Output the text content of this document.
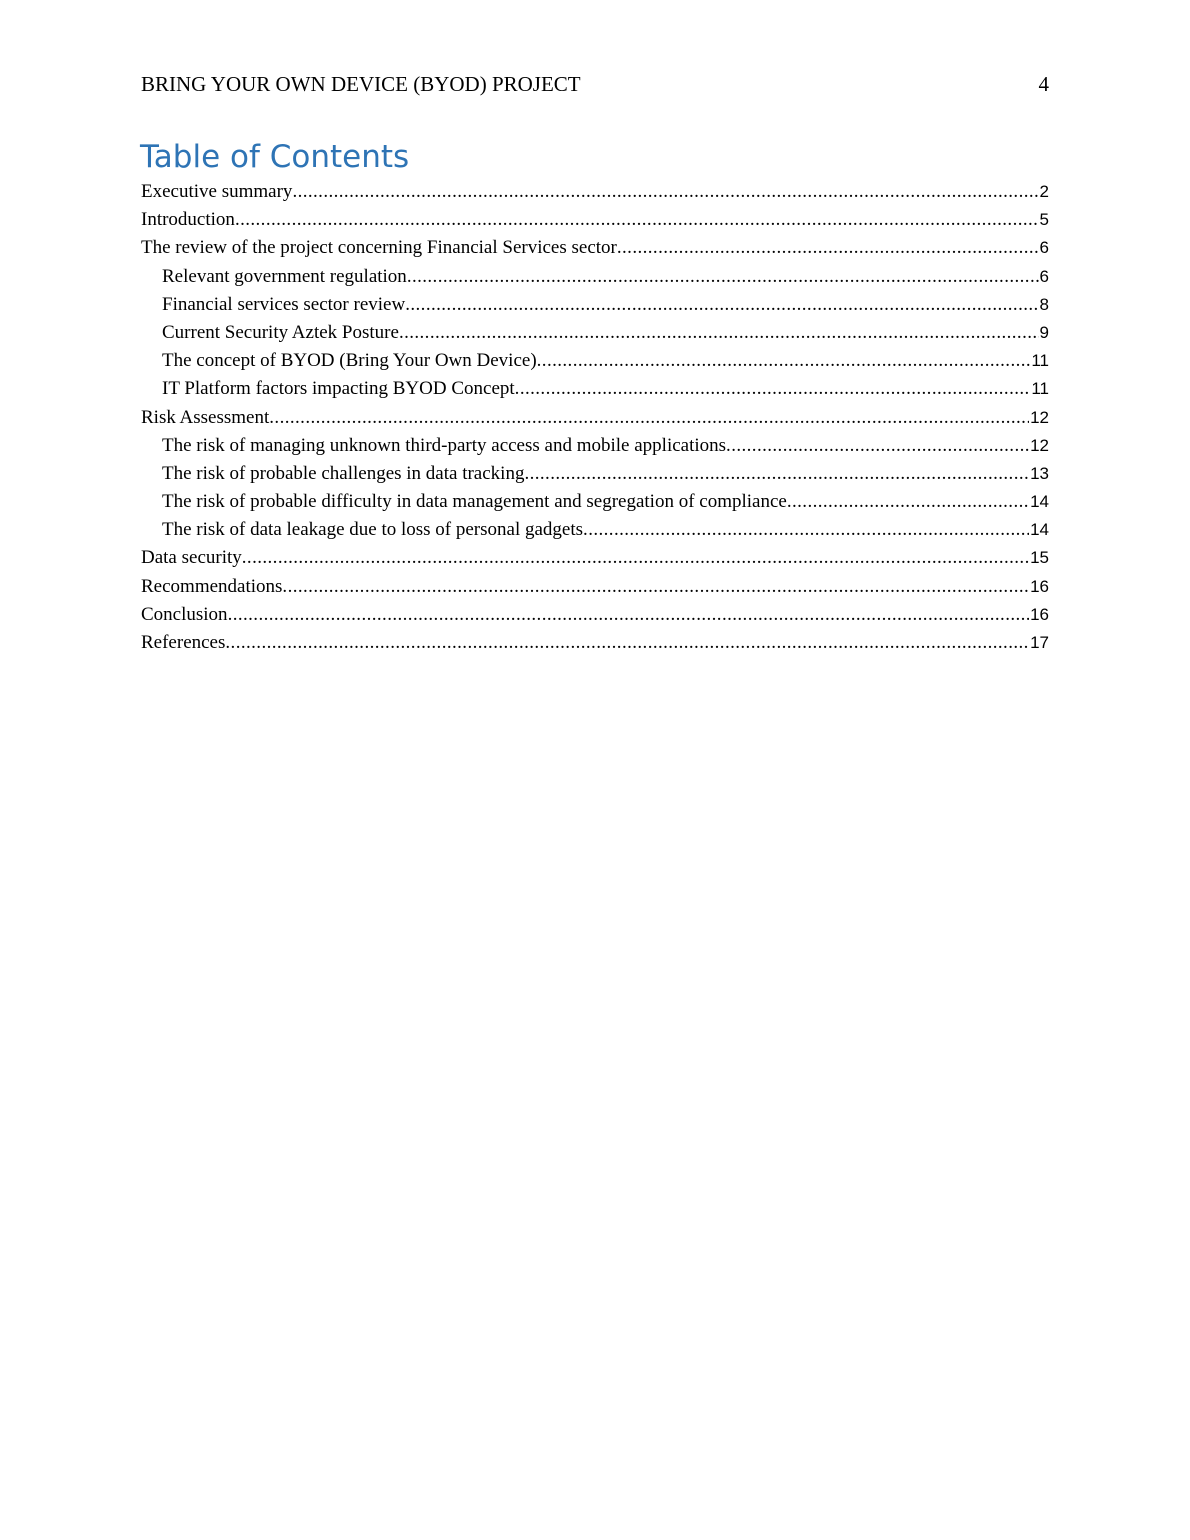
BRING YOUR OWN DEVICE (BYOD) PROJECT	4
Table of Contents
Executive summary .....	2
Introduction .....	5
The review of the project concerning Financial Services sector .....	6
Relevant government regulation .....	6
Financial services sector review .....	8
Current Security Aztek Posture .....	9
The concept of BYOD (Bring Your Own Device) .....	11
IT Platform factors impacting BYOD Concept .....	11
Risk Assessment .....	12
The risk of managing unknown third-party access and mobile applications .....	12
The risk of probable challenges in data tracking .....	13
The risk of probable difficulty in data management and segregation of compliance .....	14
The risk of data leakage due to loss of personal gadgets .....	14
Data security .....	15
Recommendations .....	16
Conclusion .....	16
References .....	17
